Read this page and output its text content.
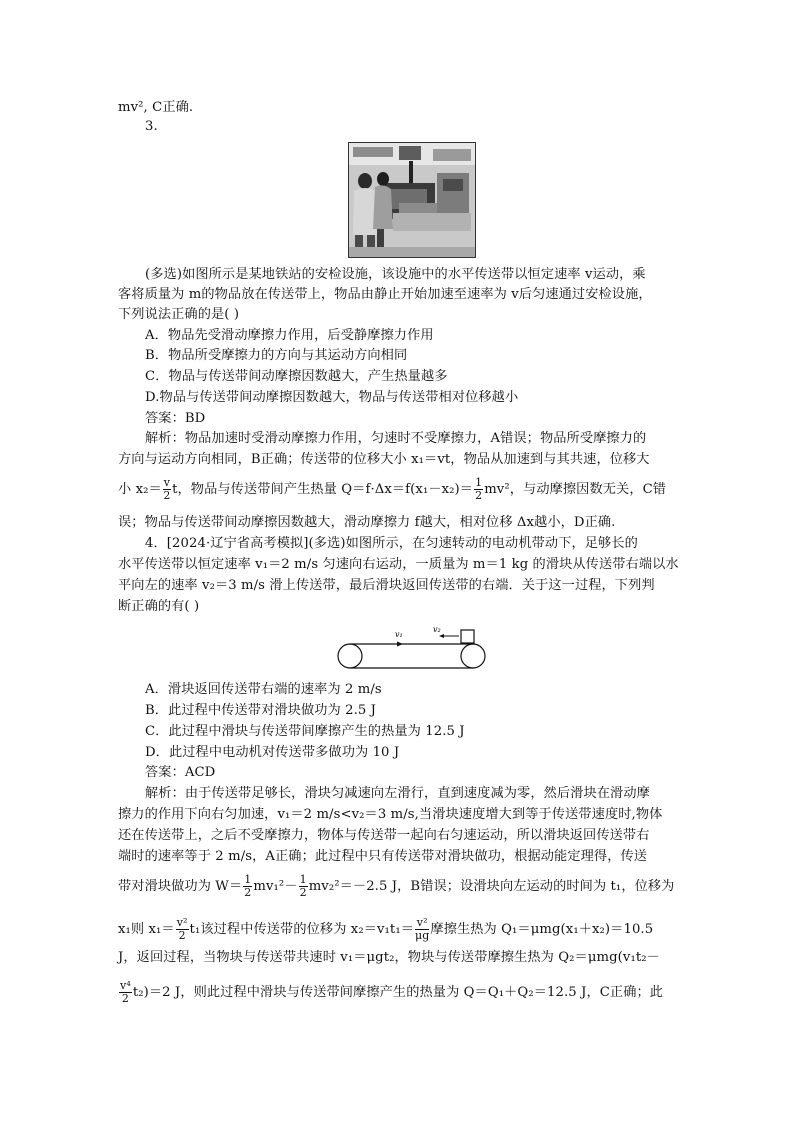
mv², C正确.
3.
(多选)如图所示是某地铁站的安检设施，该设施中的水平传送带以恒定速率 v运动，乘
客将质量为 m的物品放在传送带上，物品由静止开始加速至速率为 v后匀速通过安检设施，
下列说法正确的是( )
A．物品先受滑动摩擦力作用，后受静摩擦力作用
B．物品所受摩擦力的方向与其运动方向相同
C．物品与传送带间动摩擦因数越大，产生热量越多
D.物品与传送带间动摩擦因数越大，物品与传送带相对位移越小
答案：BD
解析：物品加速时受滑动摩擦力作用，匀速时不受摩擦力，A错误；物品所受摩擦力的
方向与运动方向相同，B正确；传送带的位移大小 x₁＝vt，物品从加速到与其共速，位移大
小 $x_2= \frac{v}{2}$ t，物品与传送带间产生热量 $Q=f\cdot\Delta x=f(x_1-x_2)= \frac{1}{2} mv^2$，与动摩擦因数无关，C错
误；物品与传送带间动摩擦因数越大，滑动摩擦力 f越大，相对位移 Δx越小，D正确.
4．[2024·辽宁省高考模拟](多选)如图所示，在匀速转动的电动机带动下，足够长的
水平传送带以恒定速率 v₁＝2 m/s 匀速向右运动，一质量为 m＝1 kg 的滑块从传送带右端以水
平向左的速率 v₂＝3 m/s 滑上传送带，最后滑块返回传送带的右端．关于这一过程，下列判
断正确的有( )
v₁
v₂
A．滑块返回传送带右端的速率为 2 m/s
B．此过程中传送带对滑块做功为 2.5 J
C．此过程中滑块与传送带间摩擦产生的热量为 12.5 J
D．此过程中电动机对传送带多做功为 10 J
答案：ACD
解析：由于传送带足够长，滑块匀减速向左滑行，直到速度减为零，然后滑块在滑动摩
擦力的作用下向右匀加速，v₁＝2 m/s<v₂＝3 m/s,当滑块速度增大到等于传送带速度时,物体
还在传送带上，之后不受摩擦力，物体与传送带一起向右匀速运动，所以滑块返回传送带右
端时的速率等于 2 m/s，A正确；此过程中只有传送带对滑块做功，根据动能定理得，传送
带对滑块做功为 $W= \frac{1}{2} mv_1^2- \frac{1}{2} mv_2^2=-2.5$ J，B错误；设滑块向左运动的时间为 t₁，位移为
x₁则 $x_1= \frac{\text{v²}}{2} t_1$该过程中传送带的位移为 $x_2=v_1t_1= \frac{\text{v²}}{\mu g}$ 摩擦生热为 Q₁＝μmg(x₁＋x₂)＝10.5
J，返回过程，当物块与传送带共速时 v₁＝μgt₂，物块与传送带摩擦生热为 Q₂＝μmg(v₁t₂－
$\frac{\text{v⁴}}{2} t_2)=2$ J，则此过程中滑块与传送带间摩擦产生的热量为 Q＝Q₁＋Q₂＝12.5 J，C正确；此
